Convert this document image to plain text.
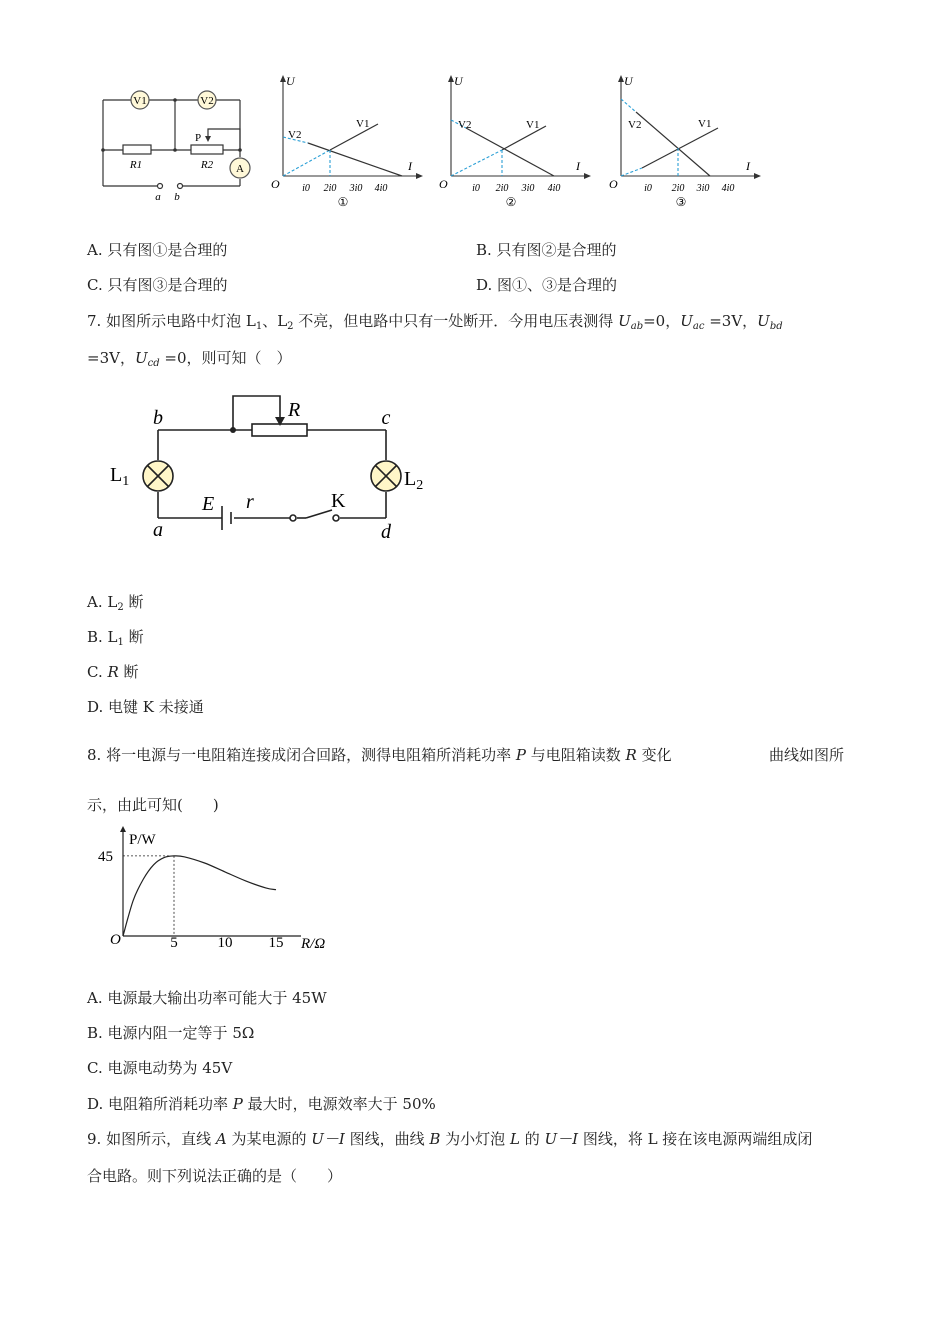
V1	V2
A
R1	R2
P
a b
U
I
O
V1
V2
i0 2i0 3i0 4i0
①
U
I
O
V1
V2
i0 2i0 3i0 4i0
②
U
I
O
V1
V2
i0 2i0 3i0 4i0
③
A. 只有图①是合理的	B. 只有图②是合理的
C. 只有图③是合理的	D. 图①、③是合理的
7. 如图所示电路中灯泡 $L_1$、$L_2$ 不亮，但电路中只有一处断开．今用电压表测得 $U_{ab}=0$，$U_{ac} =3V$，$U_{bd}$
=3V，$U_{cd} =0$，则可知（　）
b	c
a	d
R
E r	K
$L_1$	$L_2$
A. $L_2$ 断
B. $L_1$ 断
C. R 断
D. 电键 K 未接通
8. 将一电源与一电阻箱连接成闭合回路，测得电阻箱所消耗功率 P 与电阻箱读数 R 变化	曲线如图所
示，由此可知(　　)
P/W
45
O	5	10 15 R/Ω
A. 电源最大输出功率可能大于 45W
B. 电源内阻一定等于 5Ω
C. 电源电动势为 45V
D. 电阻箱所消耗功率 P 最大时，电源效率大于 50%
9. 如图所示，直线 A 为某电源的 U－I 图线，曲线 B 为小灯泡 L 的 U－I 图线，将 L 接在该电源两端组成闭
合电路。则下列说法正确的是（　　）
